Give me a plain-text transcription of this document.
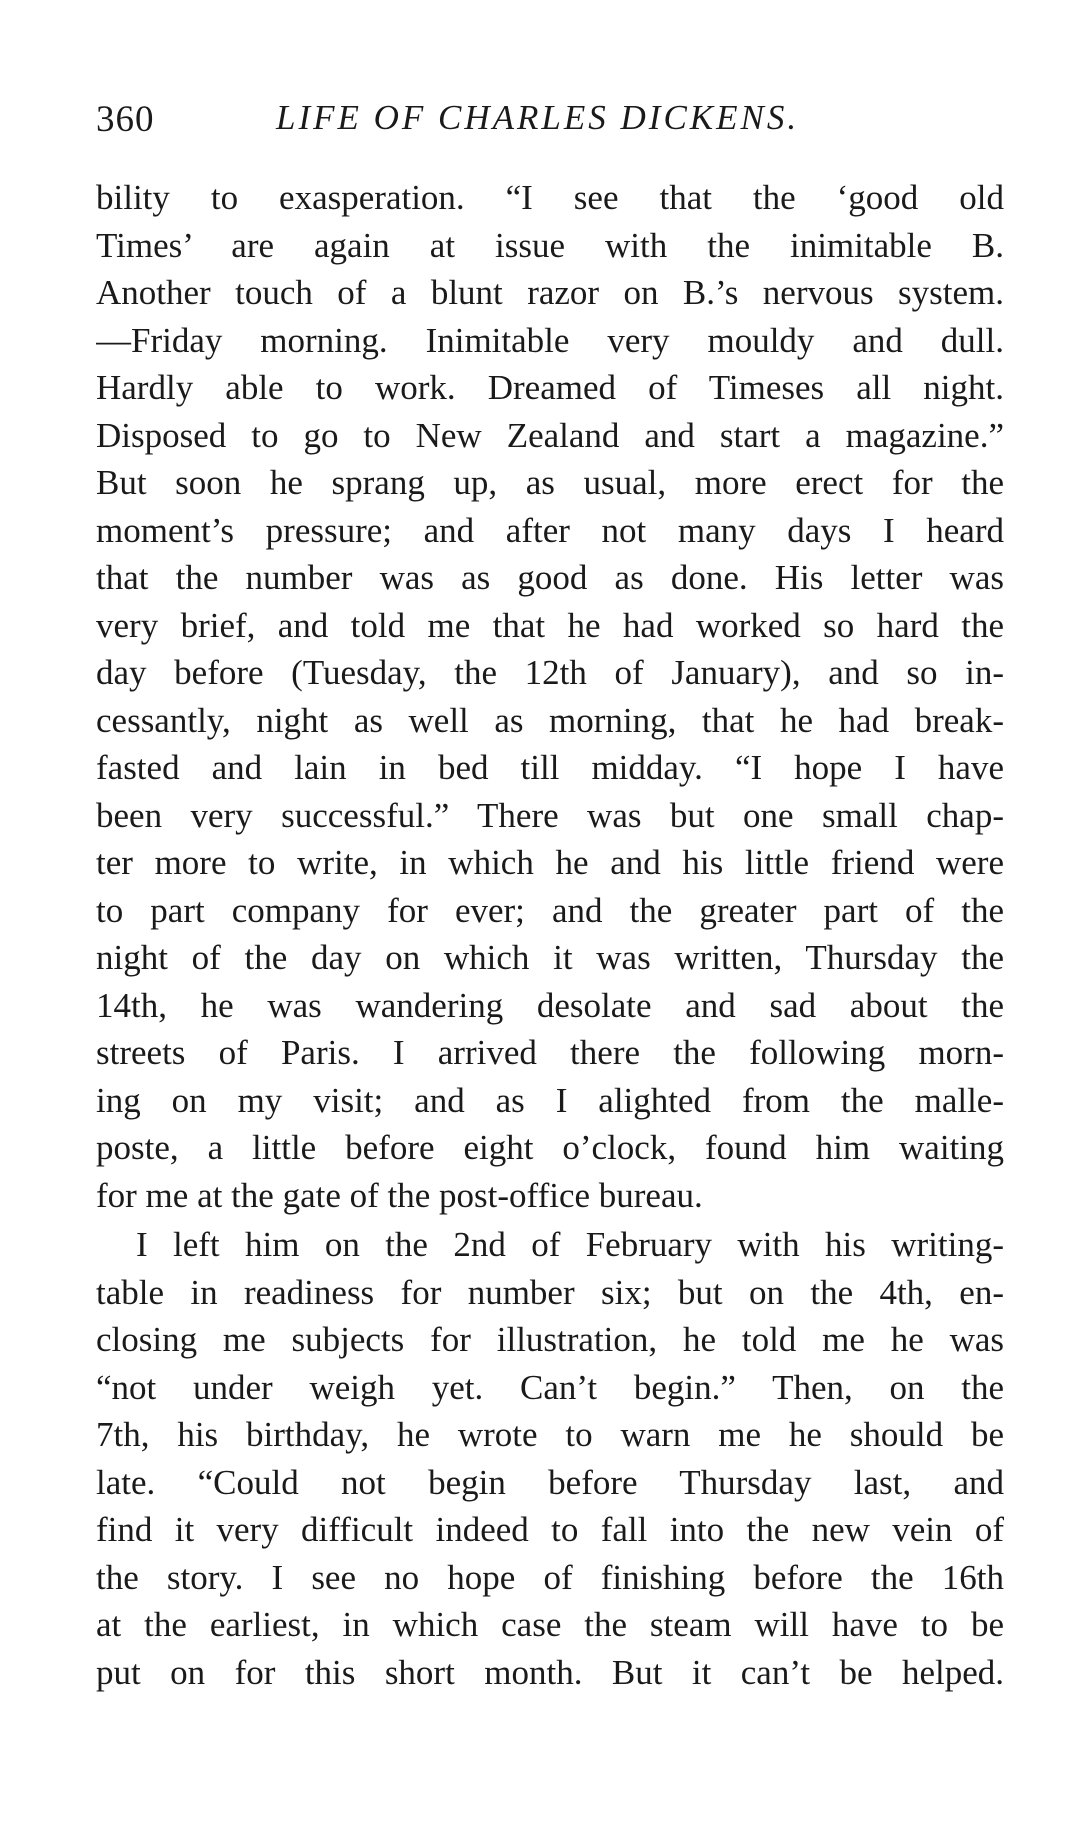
360	LIFE OF CHARLES DICKENS.
bility to exasperation. “I see that the ‘good old
Times’ are again at issue with the inimitable B.
Another touch of a blunt razor on B.’s nervous system.
—Friday morning. Inimitable very mouldy and dull.
Hardly able to work. Dreamed of Timeses all night.
Disposed to go to New Zealand and start a magazine.”
But soon he sprang up, as usual, more erect for the
moment’s pressure; and after not many days I heard
that the number was as good as done. His letter was
very brief, and told me that he had worked so hard the
day before (Tuesday, the 12th of January), and so in-
cessantly, night as well as morning, that he had break-
fasted and lain in bed till midday. “I hope I have
been very successful.” There was but one small chap-
ter more to write, in which he and his little friend were
to part company for ever; and the greater part of the
night of the day on which it was written, Thursday the
14th, he was wandering desolate and sad about the
streets of Paris. I arrived there the following morn-
ing on my visit; and as I alighted from the malle-
poste, a little before eight o’clock, found him waiting
for me at the gate of the post-office bureau.
I left him on the 2nd of February with his writing-
table in readiness for number six; but on the 4th, en-
closing me subjects for illustration, he told me he was
“not under weigh yet. Can’t begin.” Then, on the
7th, his birthday, he wrote to warn me he should be
late. “Could not begin before Thursday last, and
find it very difficult indeed to fall into the new vein of
the story. I see no hope of finishing before the 16th
at the earliest, in which case the steam will have to be
put on for this short month. But it can’t be helped.
